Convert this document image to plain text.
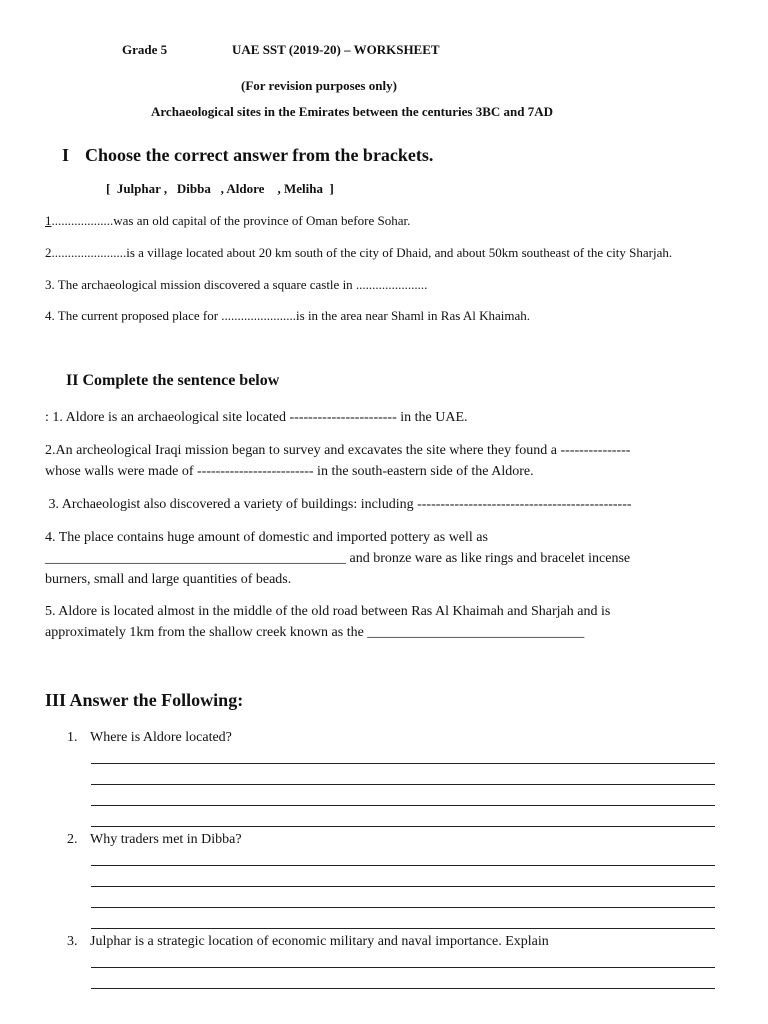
Grade 5	UAE SST (2019-20) – WORKSHEET
(For revision purposes only)
Archaeological sites in the Emirates between the centuries 3BC and 7AD
I Choose the correct answer from the brackets.
[  Julphar ,   Dibba   , Aldore    , Meliha  ]
1...................was an old capital of the province of Oman before Sohar.
2.......................is a village located about 20 km south of the city of Dhaid, and about 50km southeast of the city Sharjah.
3. The archaeological mission discovered a square castle in ......................
4. The current proposed place for .......................is in the area near Shaml in Ras Al Khaimah.
II Complete the sentence below
: 1. Aldore is an archaeological site located ----------------------- in the UAE.
2.An archeological Iraqi mission began to survey and excavates the site where they found a ---------------
whose walls were made of ------------------------- in the south-eastern side of the Aldore.
3. Archaeologist also discovered a variety of buildings: including ----------------------------------------------
4. The place contains huge amount of domestic and imported pottery as well as
___________________________________________ and bronze ware as like rings and bracelet incense
burners, small and large quantities of beads.
5. Aldore is located almost in the middle of the old road between Ras Al Khaimah and Sharjah and is
approximately 1km from the shallow creek known as the _______________________________
III Answer the Following:
1. Where is Aldore located?
2. Why traders met in Dibba?
3. Julphar is a strategic location of economic military and naval importance. Explain
